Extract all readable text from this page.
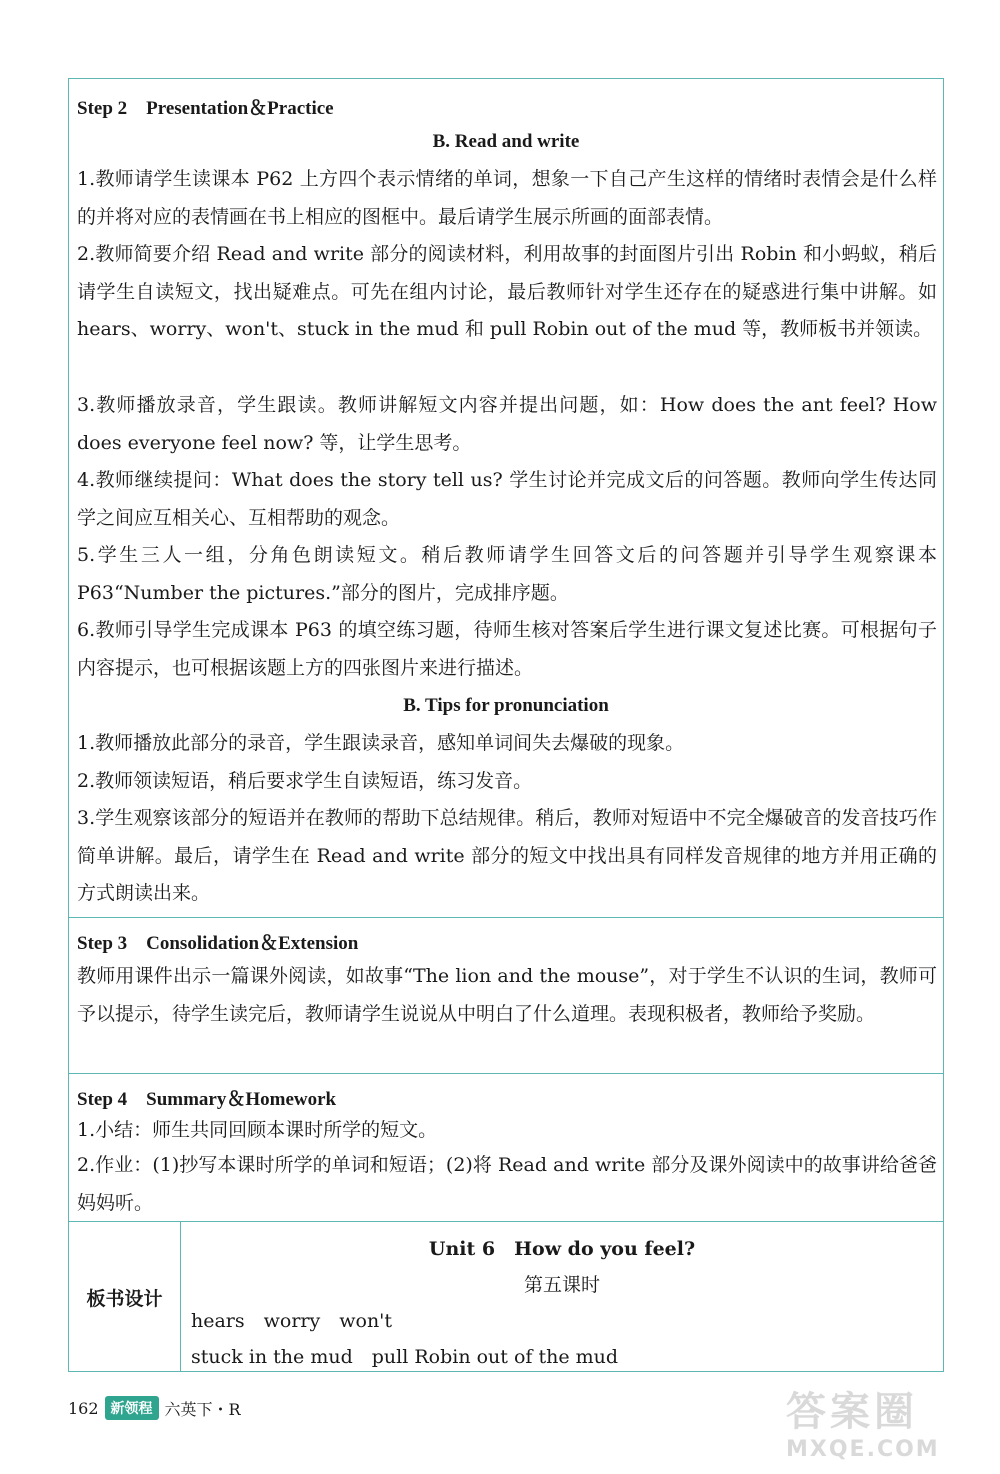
Step 2　Presentation＆Practice
B. Read and write
1.教师请学生读课本 P62 上方四个表示情绪的单词，想象一下自己产生这样的情绪时表情会是什么样的并将对应的表情画在书上相应的图框中。最后请学生展示所画的面部表情。
2.教师简要介绍 Read and write 部分的阅读材料，利用故事的封面图片引出 Robin 和小蚂蚁，稍后请学生自读短文，找出疑难点。可先在组内讨论，最后教师针对学生还存在的疑惑进行集中讲解。如 hears、worry、won't、stuck in the mud 和 pull Robin out of the mud 等，教师板书并领读。
3.教师播放录音，学生跟读。教师讲解短文内容并提出问题，如：How does the ant feel? How does everyone feel now? 等，让学生思考。
4.教师继续提问：What does the story tell us? 学生讨论并完成文后的问答题。教师向学生传达同学之间应互相关心、互相帮助的观念。
5.学生三人一组，分角色朗读短文。稍后教师请学生回答文后的问答题并引导学生观察课本 P63“Number the pictures.”部分的图片，完成排序题。
6.教师引导学生完成课本 P63 的填空练习题，待师生核对答案后学生进行课文复述比赛。可根据句子内容提示，也可根据该题上方的四张图片来进行描述。
B. Tips for pronunciation
1.教师播放此部分的录音，学生跟读录音，感知单词间失去爆破的现象。
2.教师领读短语，稍后要求学生自读短语，练习发音。
3.学生观察该部分的短语并在教师的帮助下总结规律。稍后，教师对短语中不完全爆破音的发音技巧作简单讲解。最后，请学生在 Read and write 部分的短文中找出具有同样发音规律的地方并用正确的方式朗读出来。
Step 3　Consolidation＆Extension
教师用课件出示一篇课外阅读，如故事“The lion and the mouse”，对于学生不认识的生词，教师可予以提示，待学生读完后，教师请学生说说从中明白了什么道理。表现积极者，教师给予奖励。
Step 4　Summary＆Homework
1.小结：师生共同回顾本课时所学的短文。
2.作业：(1)抄写本课时所学的单词和短语；(2)将 Read and write 部分及课外阅读中的故事讲给爸爸妈妈听。
板书设计
Unit 6　How do you feel?
第五课时
hears　worry　won't
stuck in the mud　pull Robin out of the mud
162 新领程 六英下・R	答案圈
MXQE.COM
